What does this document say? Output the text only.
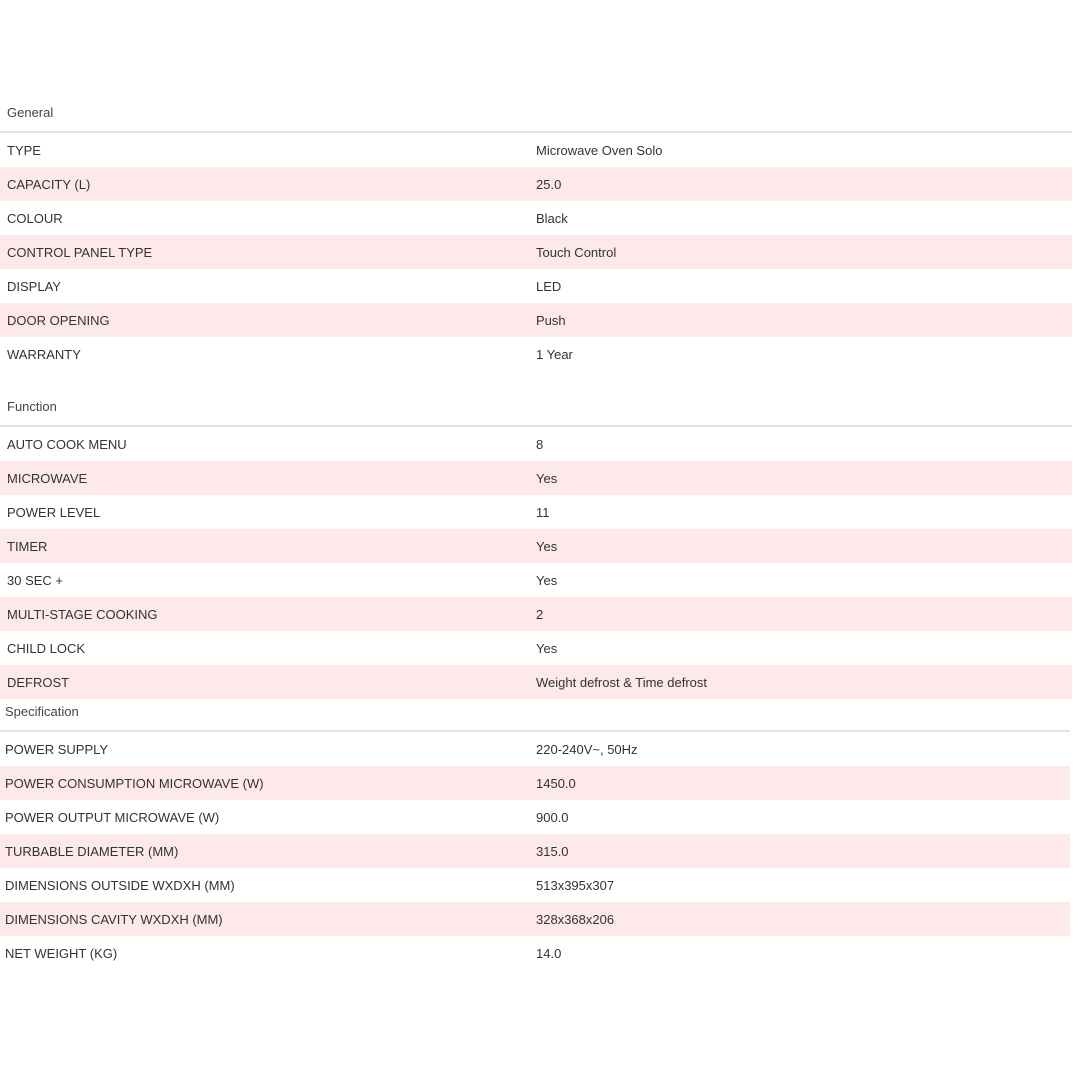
General
TYPE	Microwave Oven Solo
CAPACITY (L)	25.0
COLOUR	Black
CONTROL PANEL TYPE	Touch Control
DISPLAY	LED
DOOR OPENING	Push
WARRANTY	1 Year
Function
AUTO COOK MENU	8
MICROWAVE	Yes
POWER LEVEL	11
TIMER	Yes
30 SEC +	Yes
MULTI-STAGE COOKING	2
CHILD LOCK	Yes
DEFROST	Weight defrost & Time defrost
Specification
POWER SUPPLY	220-240V~, 50Hz
POWER CONSUMPTION MICROWAVE (W)	1450.0
POWER OUTPUT MICROWAVE (W)	900.0
TURBABLE DIAMETER (MM)	315.0
DIMENSIONS OUTSIDE WXDXH (MM)	513x395x307
DIMENSIONS CAVITY WXDXH (MM)	328x368x206
NET WEIGHT (KG)	14.0
